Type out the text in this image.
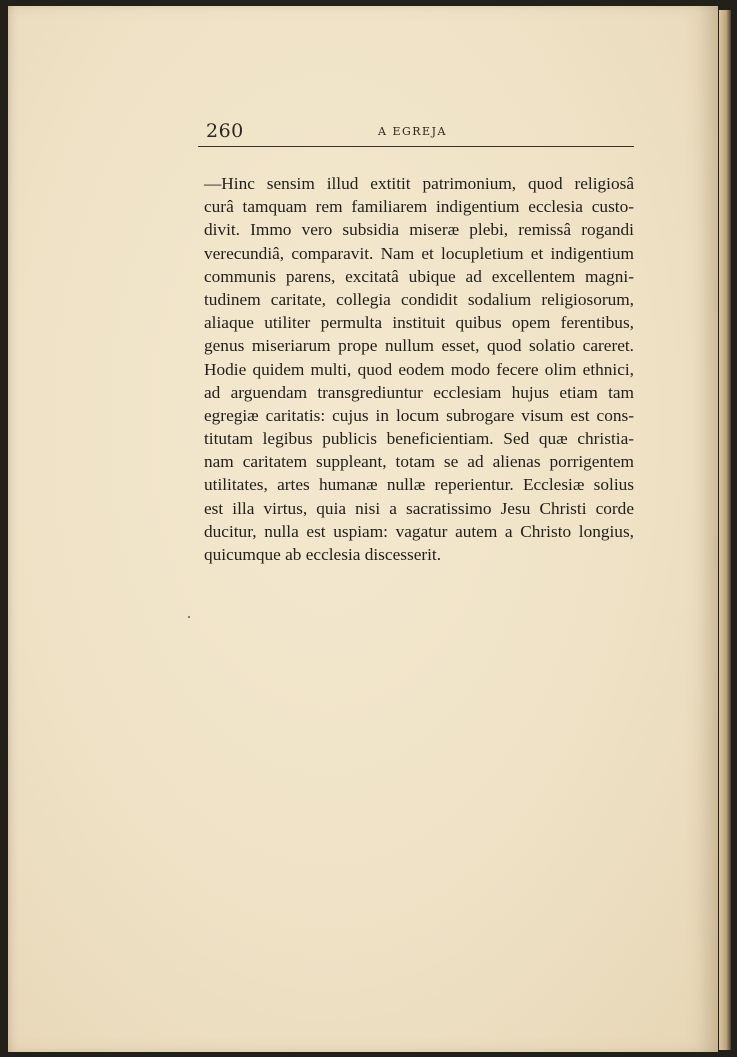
260	A EGREJA
—Hinc sensim illud extitit patrimonium, quod religiosâ
curâ tamquam rem familiarem indigentium ecclesia custo-
divit. Immo vero subsidia miseræ plebi, remissâ rogandi
verecundiâ, comparavit. Nam et locupletium et indigentium
communis parens, excitatâ ubique ad excellentem magni-
tudinem caritate, collegia condidit sodalium religiosorum,
aliaque utiliter permulta instituit quibus opem ferentibus,
genus miseriarum prope nullum esset, quod solatio careret.
Hodie quidem multi, quod eodem modo fecere olim ethnici,
ad arguendam transgrediuntur ecclesiam hujus etiam tam
egregiæ caritatis: cujus in locum subrogare visum est cons-
titutam legibus publicis beneficientiam. Sed quæ christia-
nam caritatem suppleant, totam se ad alienas porrigentem
utilitates, artes humanæ nullæ reperientur. Ecclesiæ solius
est illa virtus, quia nisi a sacratissimo Jesu Christi corde
ducitur, nulla est uspiam: vagatur autem a Christo longius,
quicumque ab ecclesia discesserit.
